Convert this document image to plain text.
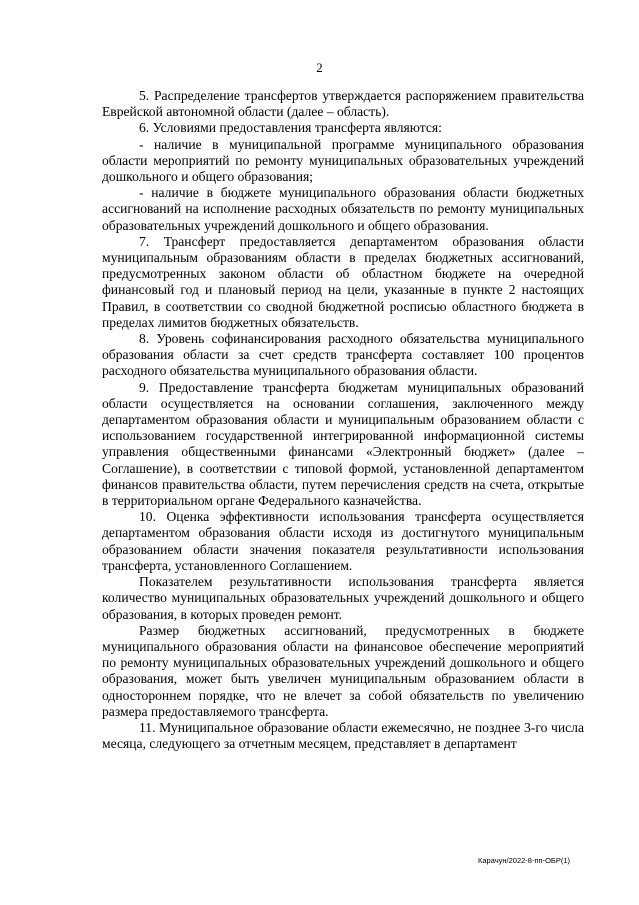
2

5. Распределение трансфертов утверждается распоряжением правительства Еврейской автономной области (далее – область).

6. Условиями предоставления трансферта являются:

- наличие в муниципальной программе муниципального образования области мероприятий по ремонту муниципальных образовательных учреждений дошкольного и общего образования;

- наличие в бюджете муниципального образования области бюджетных ассигнований на исполнение расходных обязательств по ремонту муниципальных образовательных учреждений дошкольного и общего образования.

7. Трансферт предоставляется департаментом образования области муниципальным образованиям области в пределах бюджетных ассигнований, предусмотренных законом области об областном бюджете на очередной финансовый год и плановый период на цели, указанные в пункте 2 настоящих Правил, в соответствии со сводной бюджетной росписью областного бюджета в пределах лимитов бюджетных обязательств.

8. Уровень софинансирования расходного обязательства муниципального образования области за счет средств трансферта составляет 100 процентов расходного обязательства муниципального образования области.

9. Предоставление трансферта бюджетам муниципальных образований области осуществляется на основании соглашения, заключенного между департаментом образования области и муниципальным образованием области с использованием государственной интегрированной информационной системы управления общественными финансами «Электронный бюджет» (далее – Соглашение), в соответствии с типовой формой, установленной департаментом финансов правительства области, путем перечисления средств на счета, открытые в территориальном органе Федерального казначейства.

10. Оценка эффективности использования трансферта осуществляется департаментом образования области исходя из достигнутого муниципальным образованием области значения показателя результативности использования трансферта, установленного Соглашением.

Показателем результативности использования трансферта является количество муниципальных образовательных учреждений дошкольного и общего образования, в которых проведен ремонт.

Размер бюджетных ассигнований, предусмотренных в бюджете муниципального образования области на финансовое обеспечение мероприятий по ремонту муниципальных образовательных учреждений дошкольного и общего образования, может быть увеличен муниципальным образованием области в одностороннем порядке, что не влечет за собой обязательств по увеличению размера предоставляемого трансферта.

11. Муниципальное образование области ежемесячно, не позднее 3-го числа месяца, следующего за отчетным месяцем, представляет в департамент

Карачун/2022-8-пп-ОБР(1)
